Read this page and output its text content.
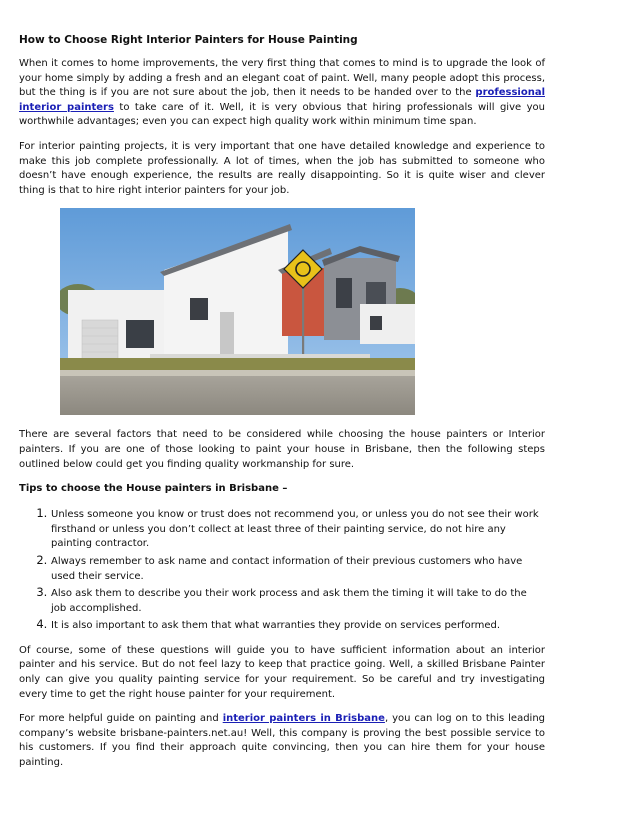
How to Choose Right Interior Painters for House Painting

When it comes to home improvements, the very first thing that comes to mind is to upgrade the look of your home simply by adding a fresh and an elegant coat of paint. Well, many people adopt this process, but the thing is if you are not sure about the job, then it needs to be handed over to the professional interior painters to take care of it. Well, it is very obvious that hiring professionals will give you worthwhile advantages; even you can expect high quality work within minimum time span.

For interior painting projects, it is very important that one have detailed knowledge and experience to make this job complete professionally. A lot of times, when the job has submitted to someone who doesn’t have enough experience, the results are really disappointing. So it is quite wiser and clever thing is that to hire right interior painters for your job.

There are several factors that need to be considered while choosing the house painters or Interior painters. If you are one of those looking to paint your house in Brisbane, then the following steps outlined below could get you finding quality workmanship for sure.

Tips to choose the House painters in Brisbane –
1. Unless someone you know or trust does not recommend you, or unless you do not see their work firsthand or unless you don’t collect at least three of their painting service, do not hire any painting contractor.
2. Always remember to ask name and contact information of their previous customers who have used their service.
3. Also ask them to describe you their work process and ask them the timing it will take to do the job accomplished.
4. It is also important to ask them that what warranties they provide on services performed.

Of course, some of these questions will guide you to have sufficient information about an interior painter and his service. But do not feel lazy to keep that practice going. Well, a skilled Brisbane Painter only can give you quality painting service for your requirement. So be careful and try investigating every time to get the right house painter for your requirement.

For more helpful guide on painting and interior painters in Brisbane, you can log on to this leading company’s website brisbane-painters.net.au! Well, this company is proving the best possible service to his customers. If you find their approach quite convincing, then you can hire them for your house painting.
